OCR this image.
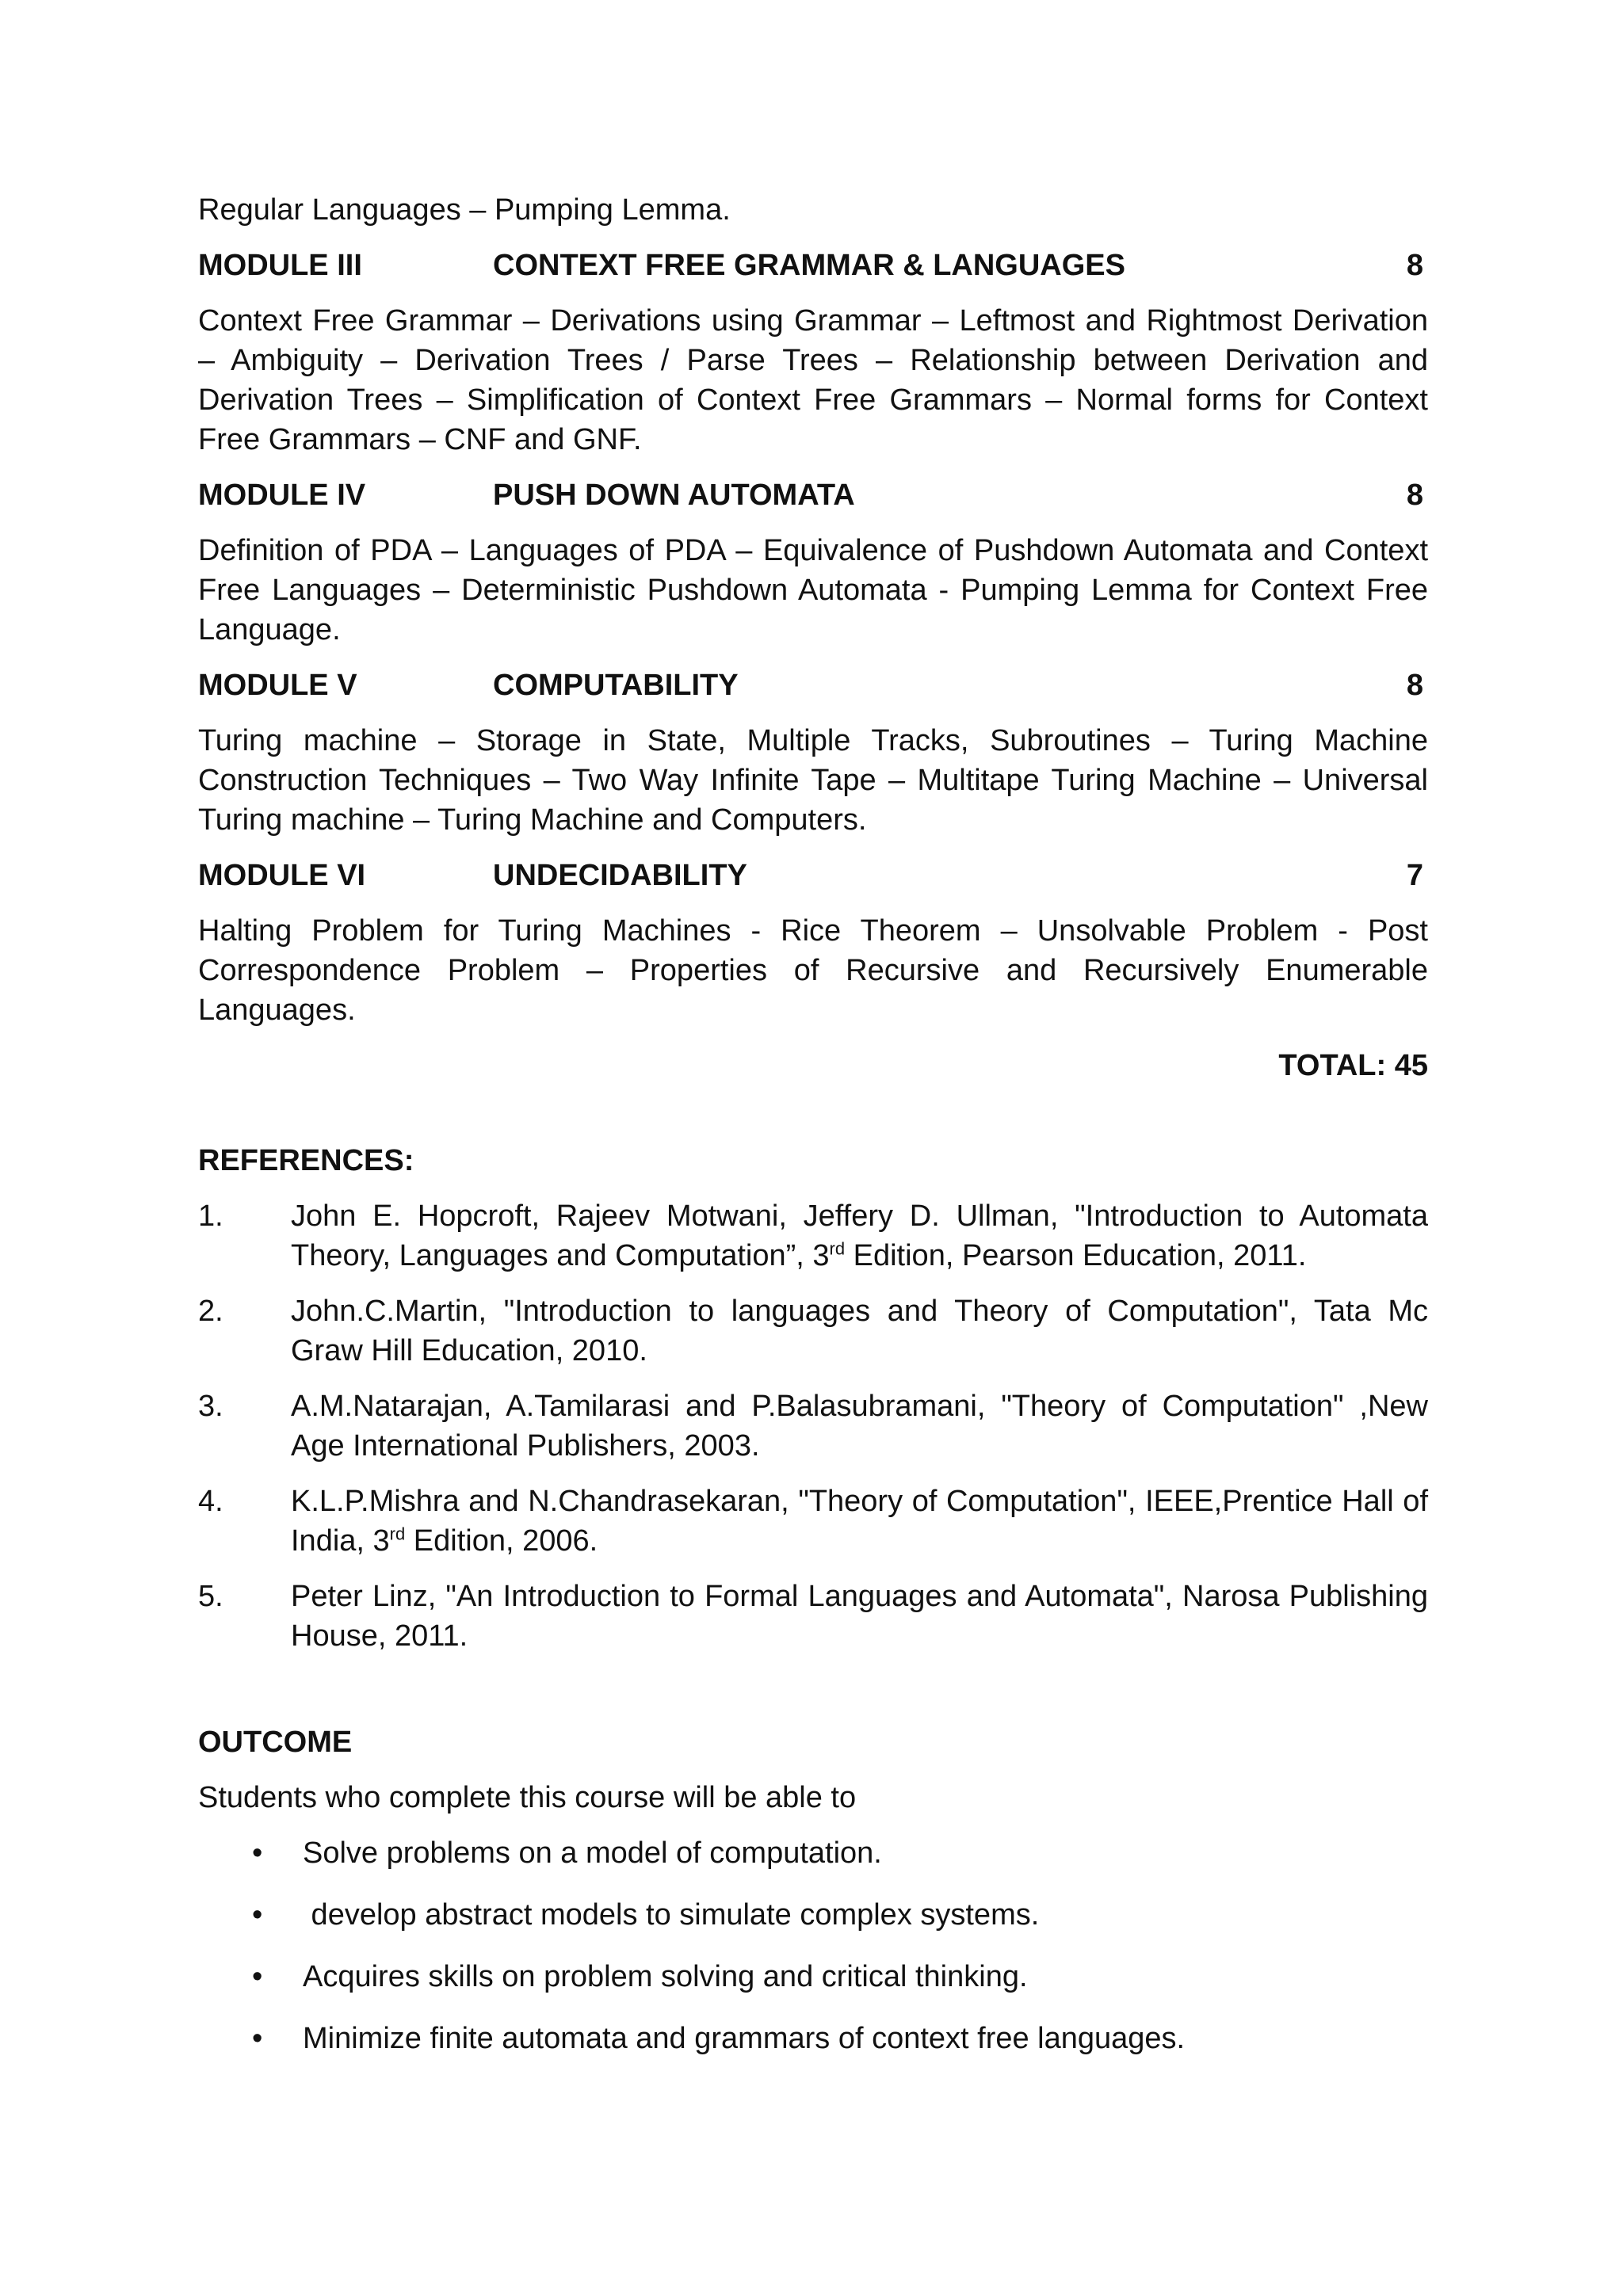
Regular Languages – Pumping Lemma.

MODULE III	CONTEXT FREE GRAMMAR & LANGUAGES	8

Context Free Grammar – Derivations using Grammar – Leftmost and Rightmost Derivation – Ambiguity – Derivation Trees / Parse Trees – Relationship between Derivation and Derivation Trees – Simplification of Context Free Grammars – Normal forms for Context Free Grammars – CNF and GNF.

MODULE IV	PUSH DOWN AUTOMATA	8

Definition of PDA – Languages of PDA – Equivalence of Pushdown Automata and Context Free Languages – Deterministic Pushdown Automata - Pumping Lemma for Context Free Language.

MODULE V	COMPUTABILITY	8

Turing machine – Storage in State, Multiple Tracks, Subroutines – Turing Machine Construction Techniques – Two Way Infinite Tape – Multitape Turing Machine – Universal Turing machine – Turing Machine and Computers.

MODULE VI	UNDECIDABILITY	7

Halting Problem for Turing Machines - Rice Theorem – Unsolvable Problem - Post Correspondence Problem – Properties of Recursive and Recursively Enumerable Languages.

TOTAL: 45
REFERENCES:
1.	John E. Hopcroft, Rajeev Motwani, Jeffery D. Ullman, "Introduction to Automata Theory, Languages and Computation”, 3rd Edition, Pearson Education, 2011.
2.	John.C.Martin, "Introduction to languages and Theory of Computation", Tata Mc Graw Hill Education, 2010.
3.	A.M.Natarajan, A.Tamilarasi and P.Balasubramani, "Theory of Computation" ,New Age International Publishers, 2003.
4.	K.L.P.Mishra and N.Chandrasekaran, "Theory of Computation", IEEE,Prentice Hall of India, 3rd Edition, 2006.
5.	Peter Linz, "An Introduction to Formal Languages and Automata", Narosa Publishing House, 2011.
OUTCOME

Students who complete this course will be able to

•	Solve problems on a model of computation.
•	develop abstract models to simulate complex systems.
•	Acquires skills on problem solving and critical thinking.
•	Minimize finite automata and grammars of context free languages.
